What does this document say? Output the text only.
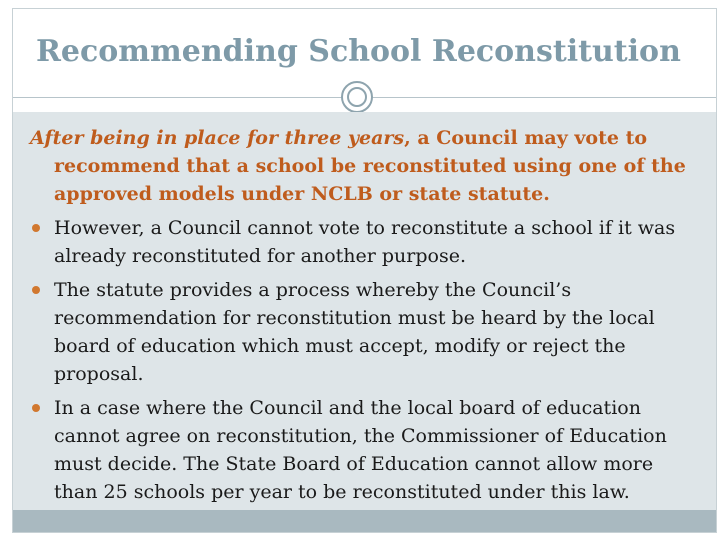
Recommending School Reconstitution

After being in place for three years, a Council may vote to recommend that a school be reconstituted using one of the approved models under NCLB or state statute.

However, a Council cannot vote to reconstitute a school if it was already reconstituted for another purpose.
The statute provides a process whereby the Council’s recommendation for reconstitution must be heard by the local board of education which must accept, modify or reject the proposal.
In a case where the Council and the local board of education cannot agree on reconstitution, the Commissioner of Education must decide. The State Board of Education cannot allow more than 25 schools per year to be reconstituted under this law.
